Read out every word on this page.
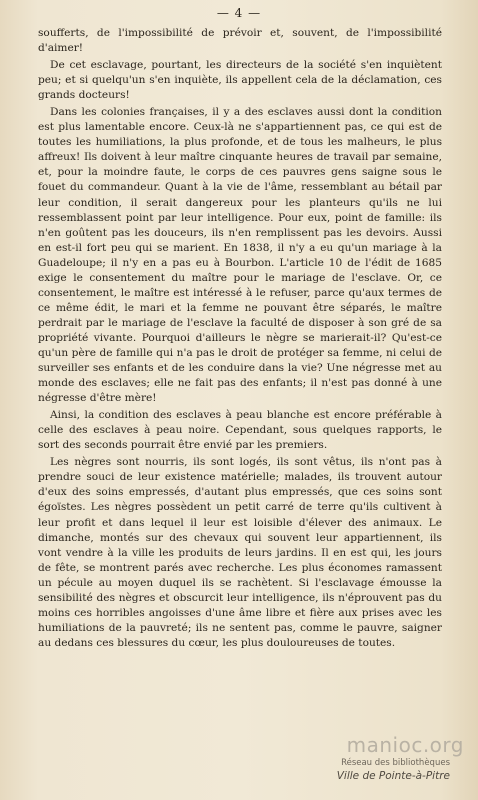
— 4 —

soufferts, de l'impossibilité de prévoir et, souvent, de l'impossibilité d'aimer!

De cet esclavage, pourtant, les directeurs de la société s'en inquiètent peu; et si quelqu'un s'en inquiète, ils appellent cela de la déclamation, ces grands docteurs!

Dans les colonies françaises, il y a des esclaves aussi dont la condition est plus lamentable encore. Ceux-là ne s'appartiennent pas, ce qui est de toutes les humiliations, la plus profonde, et de tous les malheurs, le plus affreux! Ils doivent à leur maître cinquante heures de travail par semaine, et, pour la moindre faute, le corps de ces pauvres gens saigne sous le fouet du commandeur. Quant à la vie de l'âme, ressemblant au bétail par leur condition, il serait dangereux pour les planteurs qu'ils ne lui ressemblassent point par leur intelligence. Pour eux, point de famille: ils n'en goûtent pas les douceurs, ils n'en remplissent pas les devoirs. Aussi en est-il fort peu qui se marient. En 1838, il n'y a eu qu'un mariage à la Guadeloupe; il n'y en a pas eu à Bourbon. L'article 10 de l'édit de 1685 exige le consentement du maître pour le mariage de l'esclave. Or, ce consentement, le maître est intéressé à le refuser, parce qu'aux termes de ce même édit, le mari et la femme ne pouvant être séparés, le maître perdrait par le mariage de l'esclave la faculté de disposer à son gré de sa propriété vivante. Pourquoi d'ailleurs le nègre se marierait-il? Qu'est-ce qu'un père de famille qui n'a pas le droit de protéger sa femme, ni celui de surveiller ses enfants et de les conduire dans la vie? Une négresse met au monde des esclaves; elle ne fait pas des enfants; il n'est pas donné à une négresse d'être mère!

Ainsi, la condition des esclaves à peau blanche est encore préférable à celle des esclaves à peau noire. Cependant, sous quelques rapports, le sort des seconds pourrait être envié par les premiers.

Les nègres sont nourris, ils sont logés, ils sont vêtus, ils n'ont pas à prendre souci de leur existence matérielle; malades, ils trouvent autour d'eux des soins empressés, d'autant plus empressés, que ces soins sont égoïstes. Les nègres possèdent un petit carré de terre qu'ils cultivent à leur profit et dans lequel il leur est loisible d'élever des animaux. Le dimanche, montés sur des chevaux qui souvent leur appartiennent, ils vont vendre à la ville les produits de leurs jardins. Il en est qui, les jours de fête, se montrent parés avec recherche. Les plus économes ramassent un pécule au moyen duquel ils se rachètent. Si l'esclavage émousse la sensibilité des nègres et obscurcit leur intelligence, ils n'éprouvent pas du moins ces horribles angoisses d'une âme libre et fière aux prises avec les humiliations de la pauvreté; ils ne sentent pas, comme le pauvre, saigner au dedans ces blessures du cœur, les plus douloureuses de toutes.

manioc.org
Réseau des bibliothèques
Ville de Pointe-à-Pitre
